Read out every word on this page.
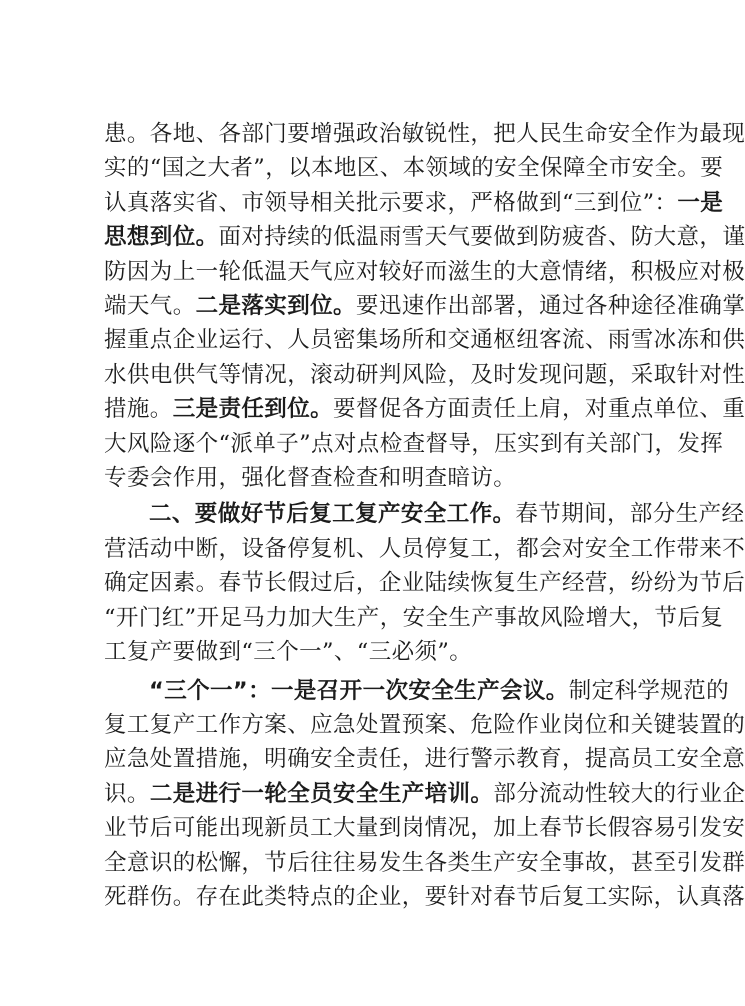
患。各地、各部门要增强政治敏锐性，把人民生命安全作为最现
实的“国之大者”，以本地区、本领域的安全保障全市安全。要
认真落实省、市领导相关批示要求，严格做到“三到位”：一是
思想到位。面对持续的低温雨雪天气要做到防疲沓、防大意，谨
防因为上一轮低温天气应对较好而滋生的大意情绪，积极应对极
端天气。二是落实到位。要迅速作出部署，通过各种途径准确掌
握重点企业运行、人员密集场所和交通枢纽客流、雨雪冰冻和供
水供电供气等情况，滚动研判风险，及时发现问题，采取针对性
措施。三是责任到位。要督促各方面责任上肩，对重点单位、重
大风险逐个“派单子”点对点检查督导，压实到有关部门，发挥
专委会作用，强化督查检查和明查暗访。
二、要做好节后复工复产安全工作。春节期间，部分生产经
营活动中断，设备停复机、人员停复工，都会对安全工作带来不
确定因素。春节长假过后，企业陆续恢复生产经营，纷纷为节后
“开门红”开足马力加大生产，安全生产事故风险增大，节后复
工复产要做到“三个一”、“三必须”。
“三个一”：一是召开一次安全生产会议。制定科学规范的
复工复产工作方案、应急处置预案、危险作业岗位和关键装置的
应急处置措施，明确安全责任，进行警示教育，提高员工安全意
识。二是进行一轮全员安全生产培训。部分流动性较大的行业企
业节后可能出现新员工大量到岗情况，加上春节长假容易引发安
全意识的松懈，节后往往易发生各类生产安全事故，甚至引发群
死群伤。存在此类特点的企业，要针对春节后复工实际，认真落
